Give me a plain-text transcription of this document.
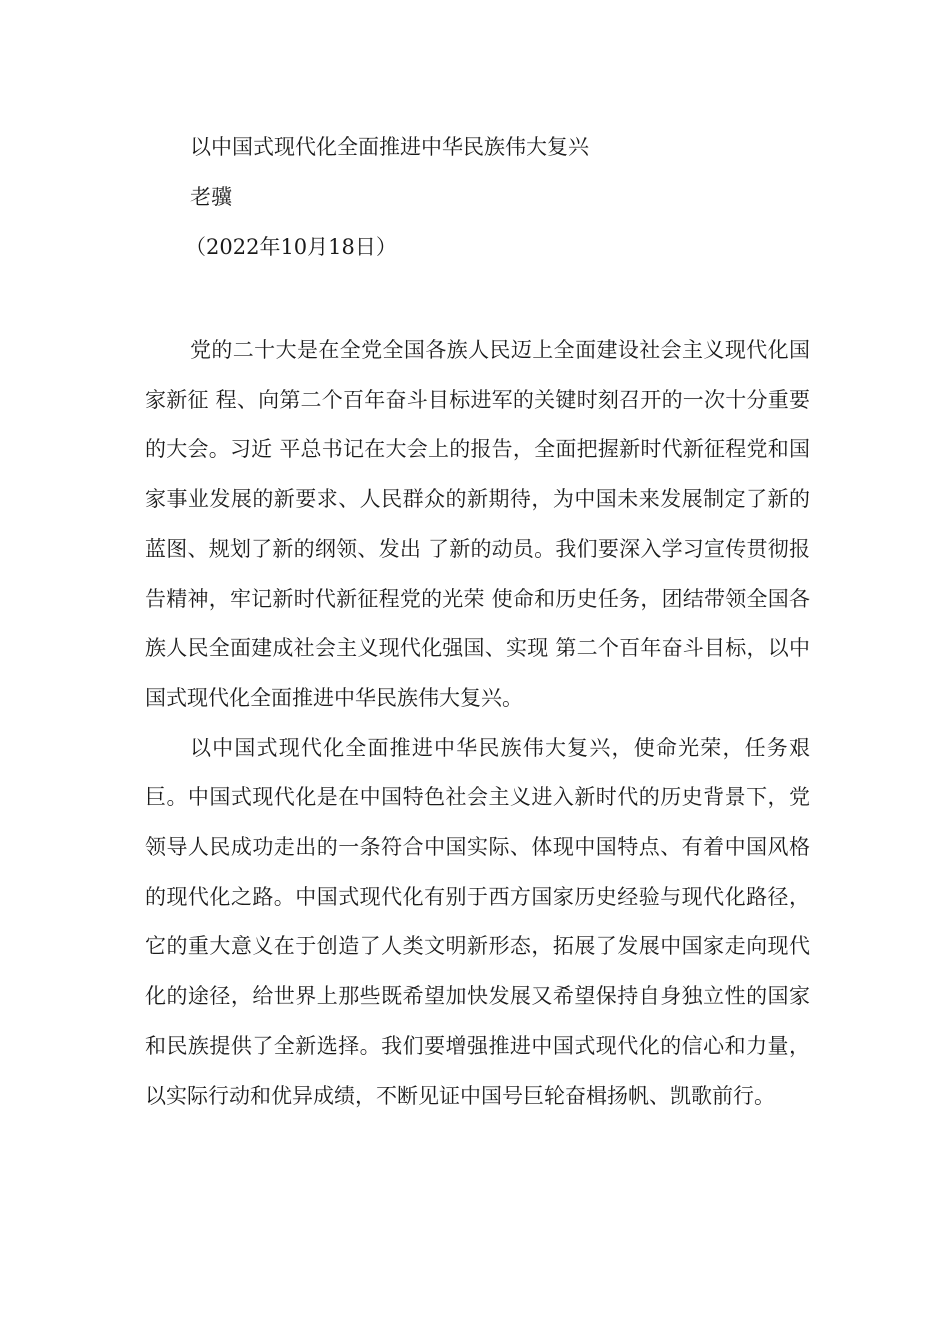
以中国式现代化全面推进中华民族伟大复兴
老骥
（2022年10月18日）

党的二十大是在全党全国各族人民迈上全面建设社会主义现代化国家新征 程、向第二个百年奋斗目标进军的关键时刻召开的一次十分重要的大会。习近 平总书记在大会上的报告，全面把握新时代新征程党和国家事业发展的新要求、人民群众的新期待，为中国未来发展制定了新的蓝图、规划了新的纲领、发出 了新的动员。我们要深入学习宣传贯彻报告精神，牢记新时代新征程党的光荣 使命和历史任务，团结带领全国各族人民全面建成社会主义现代化强国、实现 第二个百年奋斗目标，以中国式现代化全面推进中华民族伟大复兴。

以中国式现代化全面推进中华民族伟大复兴，使命光荣，任务艰巨。中国式现代化是在中国特色社会主义进入新时代的历史背景下，党领导人民成功走出的一条符合中国实际、体现中国特点、有着中国风格的现代化之路。中国式现代化有别于西方国家历史经验与现代化路径，它的重大意义在于创造了人类文明新形态，拓展了发展中国家走向现代化的途径，给世界上那些既希望加快发展又希望保持自身独立性的国家和民族提供了全新选择。我们要增强推进中国式现代化的信心和力量，以实际行动和优异成绩，不断见证中国号巨轮奋楫扬帆、凯歌前行。
